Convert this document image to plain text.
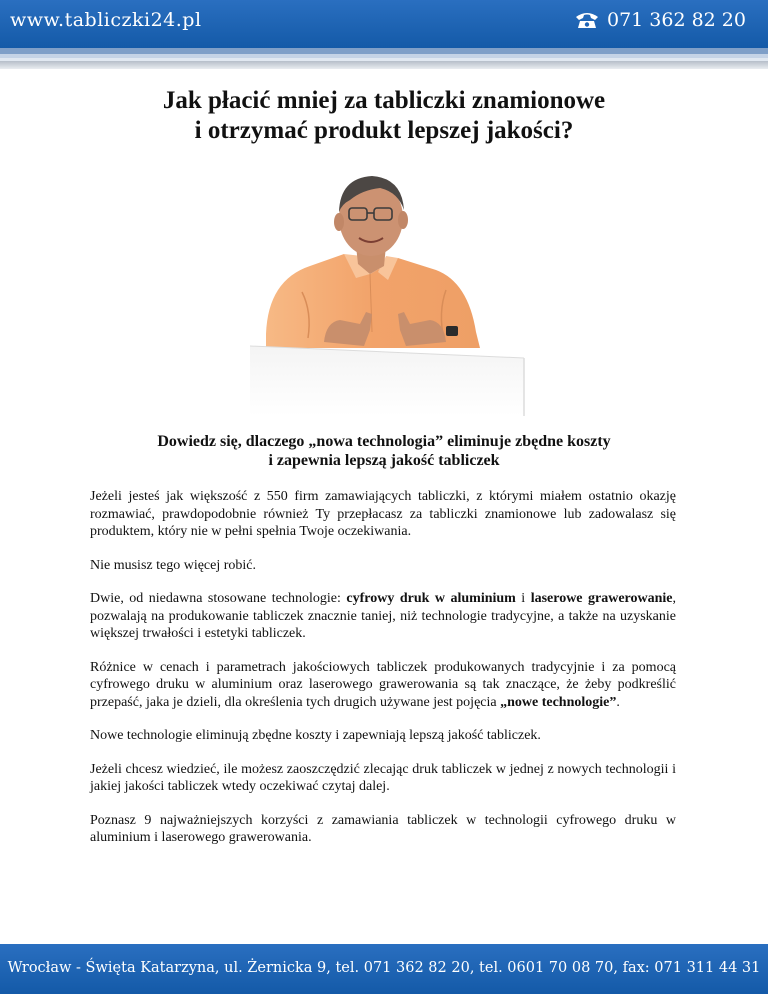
www.tabliczki24.pl	071 362 82 20
Jak płacić mniej za tabliczki znamionowe
i otrzymać produkt lepszej jakości?
Dowiedz się, dlaczego „nowa technologia” eliminuje zbędne koszty
i zapewnia lepszą jakość tabliczek

Jeżeli jesteś jak większość z 550 firm zamawiających tabliczki, z którymi miałem ostatnio okazję rozmawiać, prawdopodobnie również Ty przepłacasz za tabliczki znamionowe lub zadowalasz się produktem, który nie w pełni spełnia Twoje oczekiwania.

Nie musisz tego więcej robić.

Dwie, od niedawna stosowane technologie: cyfrowy druk w aluminium i laserowe grawerowanie, pozwalają na produkowanie tabliczek znacznie taniej, niż technologie tradycyjne, a także na uzyskanie większej trwałości i estetyki tabliczek.

Różnice w cenach i parametrach jakościowych tabliczek produkowanych tradycyjnie i za pomocą cyfrowego druku w aluminium oraz laserowego grawerowania są tak znaczące, że żeby podkreślić przepaść, jaka je dzieli, dla określenia tych drugich używane jest pojęcia „nowe technologie”.

Nowe technologie eliminują zbędne koszty i zapewniają lepszą jakość tabliczek.

Jeżeli chcesz wiedzieć, ile możesz zaoszczędzić zlecając druk tabliczek w jednej z nowych technologii i jakiej jakości tabliczek wtedy oczekiwać czytaj dalej.

Poznasz 9 najważniejszych korzyści z zamawiania tabliczek w technologii cyfrowego druku w aluminium i laserowego grawerowania.

Wrocław - Święta Katarzyna, ul. Żernicka 9, tel. 071 362 82 20, tel. 0601 70 08 70, fax: 071 311 44 31
